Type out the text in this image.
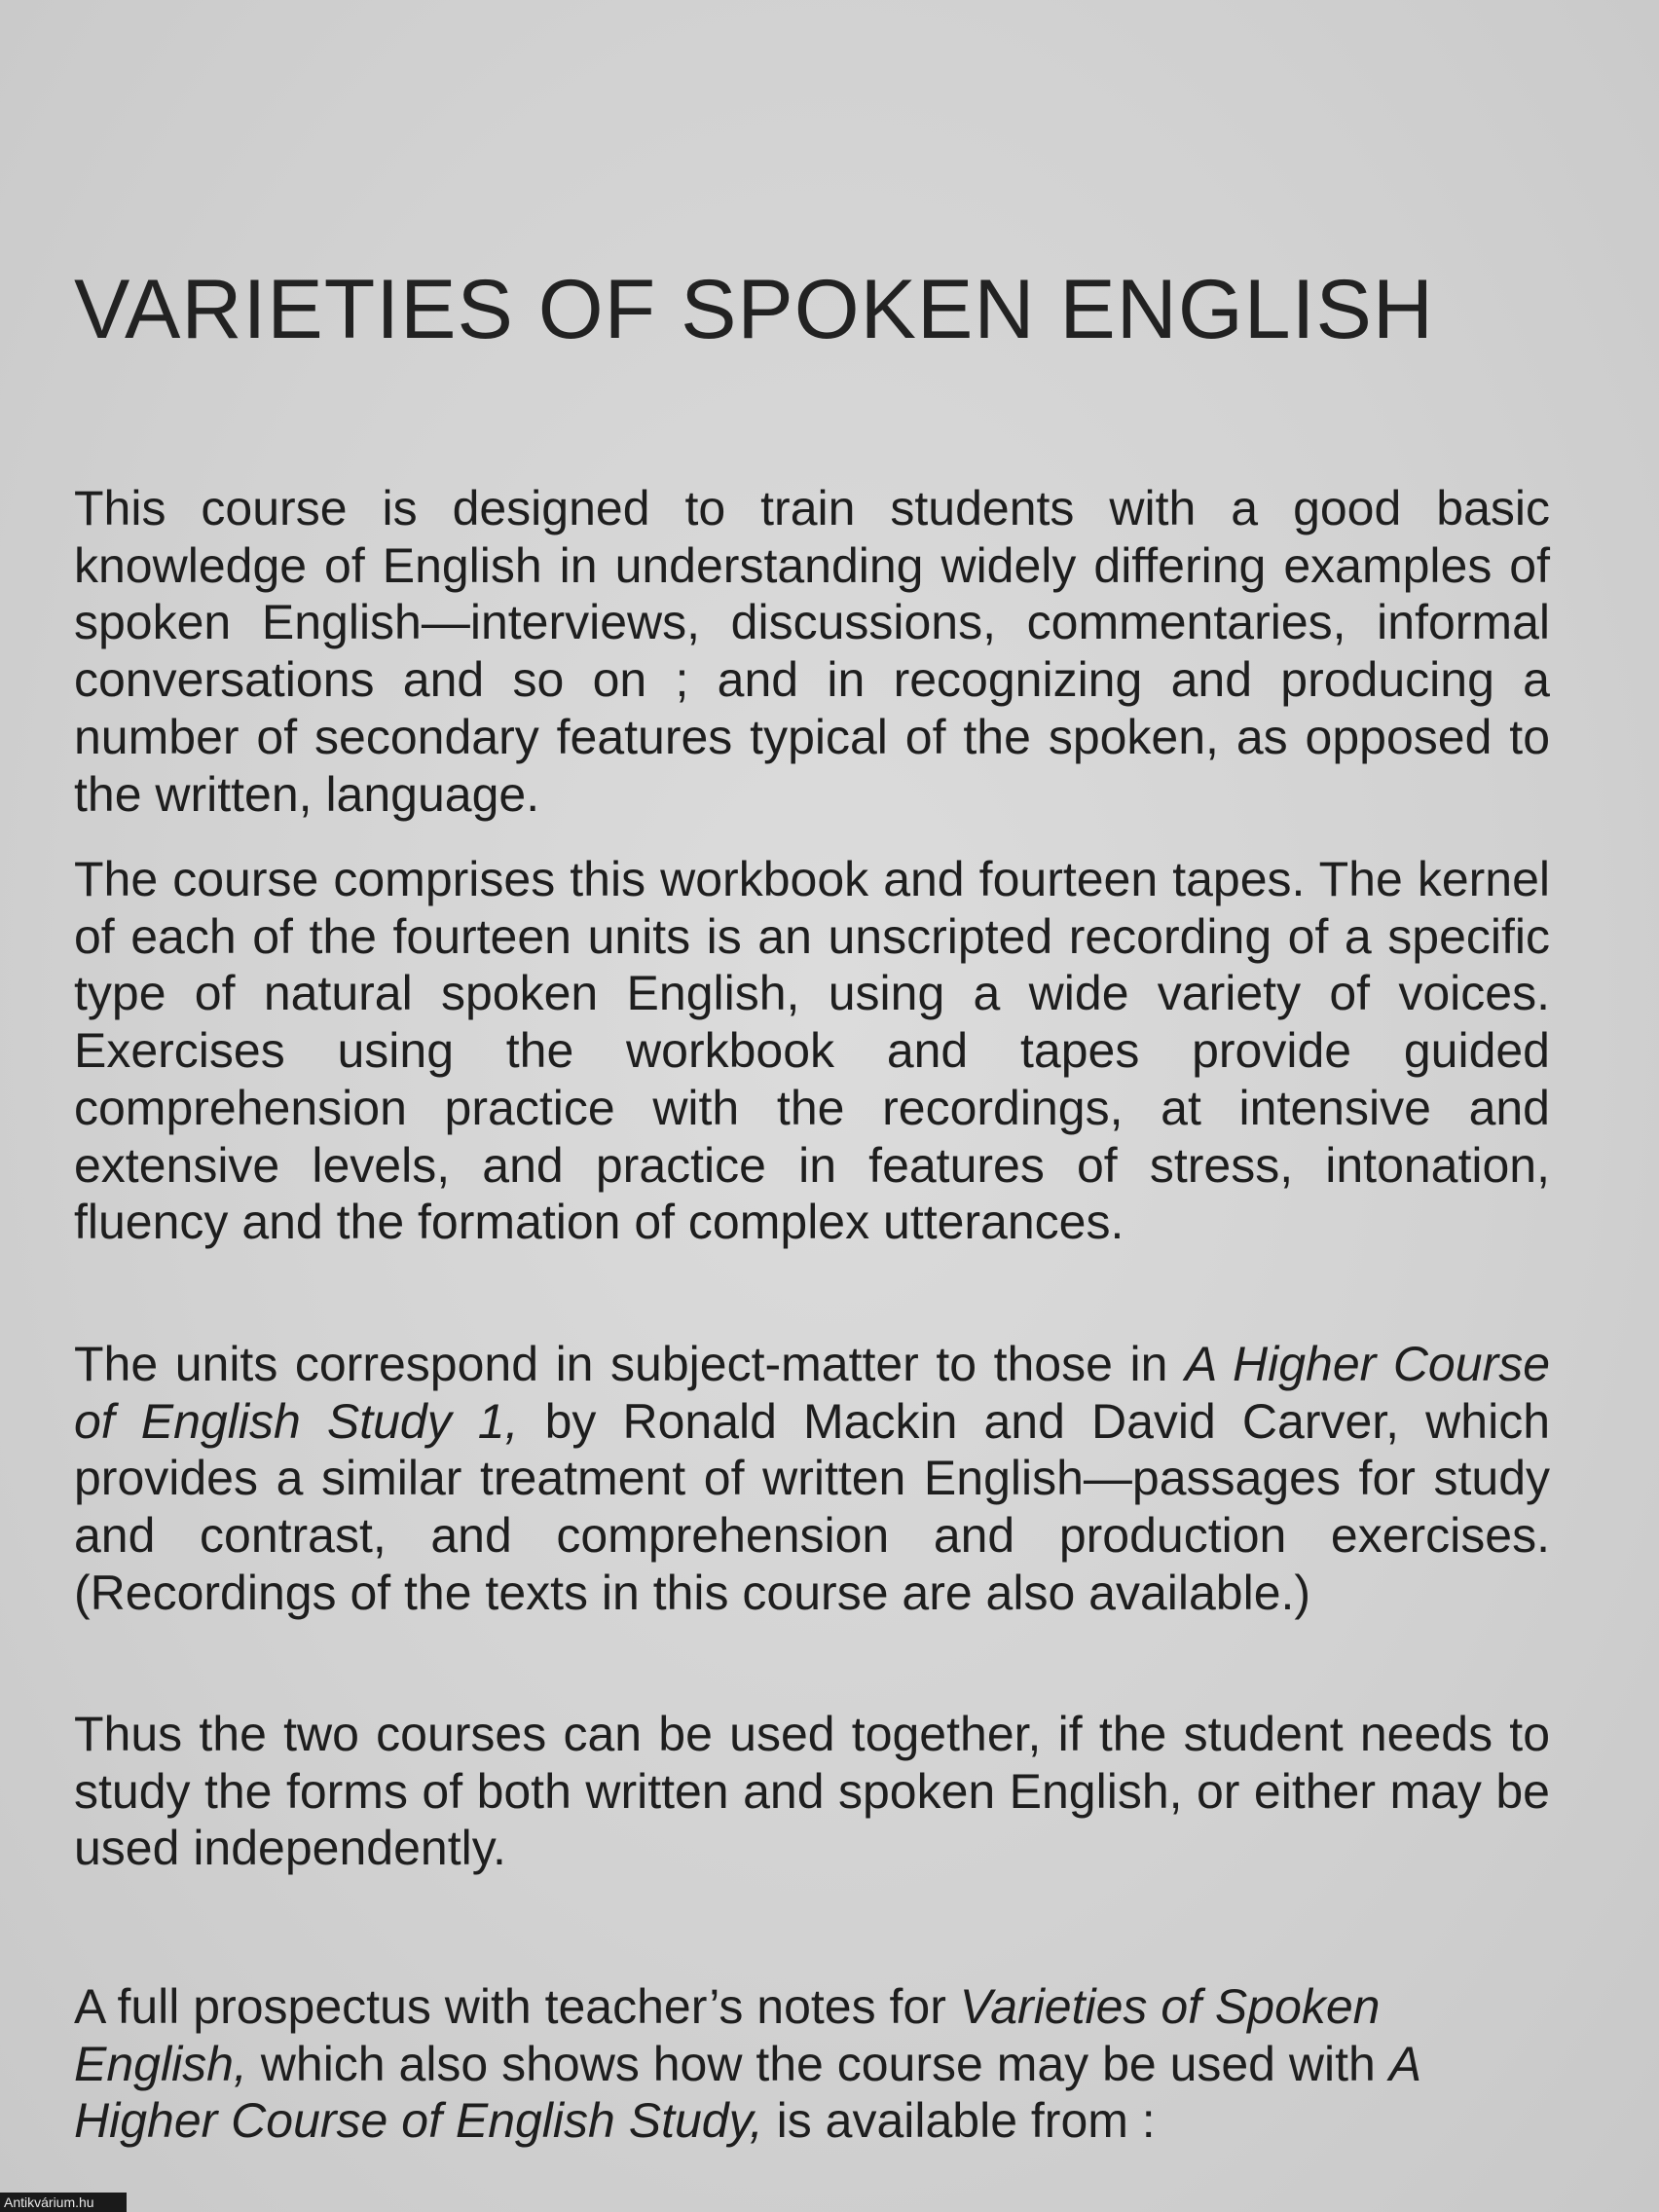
VARIETIES OF SPOKEN ENGLISH

This course is designed to train students with a good basic knowledge of English in understanding widely differing examples of spoken English—interviews, discussions, commentaries, informal conversations and so on ; and in recognizing and producing a number of secondary features typical of the spoken, as opposed to the written, language.

The course comprises this workbook and fourteen tapes. The kernel of each of the fourteen units is an unscripted recording of a specific type of natural spoken English, using a wide variety of voices. Exercises using the workbook and tapes provide guided comprehension practice with the recordings, at intensive and extensive levels, and practice in features of stress, intonation, fluency and the formation of complex utterances.

The units correspond in subject-matter to those in A Higher Course of English Study 1, by Ronald Mackin and David Carver, which provides a similar treatment of written English—passages for study and contrast, and comprehension and production exercises. (Recordings of the texts in this course are also available.)

Thus the two courses can be used together, if the student needs to study the forms of both written and spoken English, or either may be used independently.

A full prospectus with teacher’s notes for Varieties of Spoken English, which also shows how the course may be used with A Higher Course of English Study, is available from :

Antikvárium.hu
